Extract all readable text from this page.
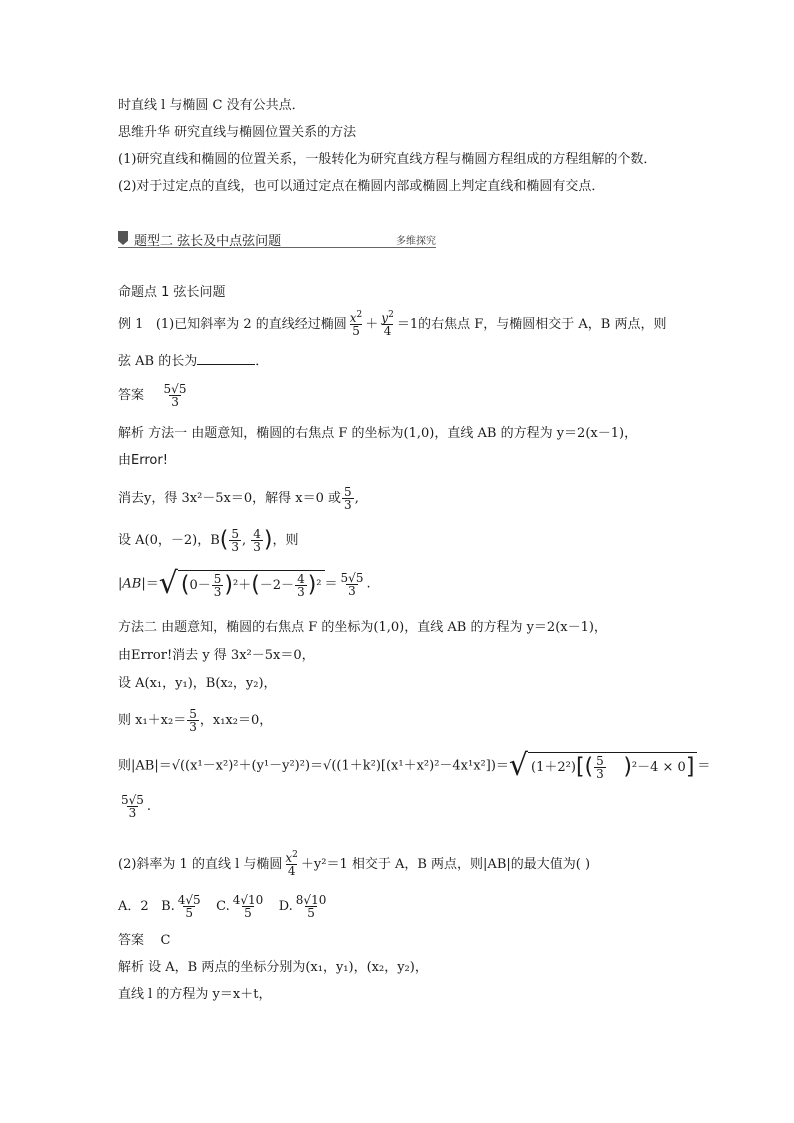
时直线 l 与椭圆 C 没有公共点．
思维升华 研究直线与椭圆位置关系的方法
(1)研究直线和椭圆的位置关系，一般转化为研究直线方程与椭圆方程组成的方程组解的个数．
(2)对于过定点的直线，也可以通过定点在椭圆内部或椭圆上判定直线和椭圆有交点．
题型二 弦长及中点弦问题	多维探究
命题点 1 弦长问题
例 1 (1)已知斜率为 2 的直线经过椭圆 $\frac{x^2}{5} + \frac{y^2}{4} =1$的右焦点 F，与椭圆相交于 A，B 两点，则
弦 AB 的长为	．
答案 $\frac{5√5}{3}$
解析 方法一 由题意知，椭圆的右焦点 F 的坐标为(1,0)，直线 AB 的方程为 y＝2(x－1)，
由Error!
消去y，得 3x²－5x＝0，解得 x＝0 或 $\frac{5}{3}$ ,
设 A(0，－2)，$B( \frac{5}{3}$ , $\frac{4}{3}$ )，则
|AB|＝√ $(0- \frac{5}{3} )^2+(-2- \frac{4}{3} )^2 = \frac{5√5}{3}$ .
方法二 由题意知，椭圆的右焦点 F 的坐标为(1,0)，直线 AB 的方程为 y＝2(x－1)，
由Error!消去 y 得 3x²－5x＝0，
设 A(x₁，y₁)，B(x₂，y₂)，
则 $x_1+x_2= \frac{5}{3}$ ，x₁x₂＝0，
则|AB|＝√((x¹－x²)²＋(y¹－y²)²)＝√((1＋k²)[(x¹＋x²)²－4x¹x²])＝√ $(1+2^2)[( \frac{5}{3} )^2-4 \times 0]$ ＝
$\frac{5√5}{3}$ .
(2)斜率为 1 的直线 l 与椭圆 $\frac{x^2}{4} +y^2=1$ 相交于 A，B 两点，则|AB|的最大值为( )
A．2 B. $\frac{4√5}{5} C$. $\frac{4√10}{5} D$. $\frac{8√10}{5}$
答案 C
解析 设 A，B 两点的坐标分别为(x₁，y₁)，(x₂，y₂)，
直线 l 的方程为 y＝x＋t，
